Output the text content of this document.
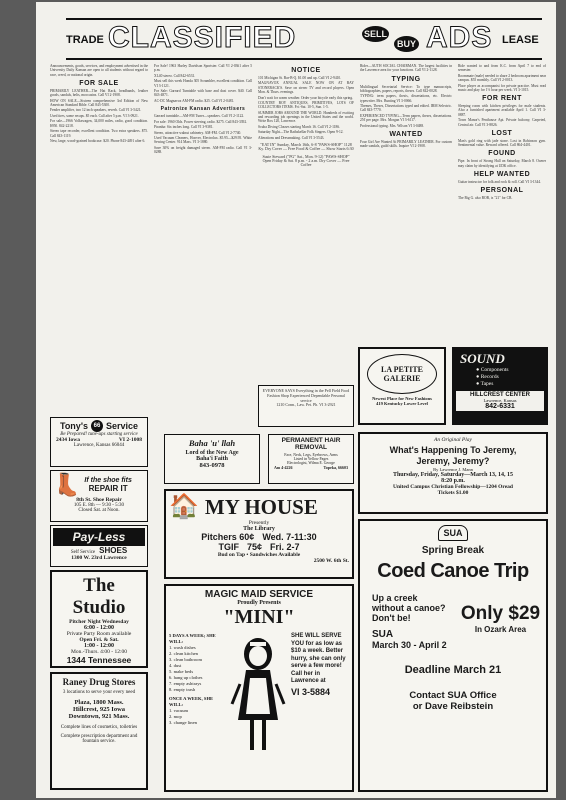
TRADE CLASSIFIED	SELL
BUY ADS LEASE
Announcements, goods, services, and employment advertised in the University Daily Kansan are open to all students without regard to race, creed, or national origin.
FOR SALE

PRIMARILY LEATHER—The Hat Rack, headbands, leather goods, sandals, belts, moccasins. Call VI 2-1908.

HOW ON SALE—Sixteen comprehensive 3rd Edition of New American Standard Bible. Call 843-5300.

Fender amplifier, two 12 inch speakers, reverb. Call VI 3-5421.

Used tires, some recaps. $5 each. Call after 5 p.m. VI 3-0921.

For sale—1966 Volkswagen, 34,000 miles, radio, good condition. $950. 842-2218.

Stereo tape recorder, excellent condition. Two extra speakers. $75. Call 843-1119.

New, large, wood-grained bookcase. $20. Phone 843-4491 after 6.

For Sale! 1963 Harley Davidson Sportster. Call VI 2-0361 after 5 p.m.

XL40 stereo. Call 842-6531.

Must sell this week Honda 305 Scrambler, excellent condition. Call VI 3-1121.

For Sale: Garrard Turntable with base and dust cover. $40. Call 843-4871.

AC-DC Magnavox AM-FM radio. $25. Call VI 2-0481.

Patronize Kansan Advertisers

Garrard turntable—AM-FM Tuner—speakers. Call VI 2-1122.

For sale: 1960 Olds. Power steering, radio. $275. Call 843-3392.

Piranha: Six inches long. Call VI 3-9381.

Stereo, attractive walnut cabinetry. AM-FM. Call VI 2-7740.

Used Vacuum Cleaners, Hoover, Electrolux. $5.95—$29.95. White Sewing Center. 914 Mass. VI 3-1880.

Save 30% on freight damaged stereo. AM-FM radio. Call VI 3-0288.

NOTICE

101 Michigan St. Bar-B-Q. $1.00 and up. Call VI 2-9410.

MAGNAVOX ANNUAL SALE NOW ON AT BAY STONEBACK'S. Save on stereo TV and record players. Open Mon. & Thurs. evenings.

Don't wait for warm weather. Order your bicycle early this spring.

COUNTRY BOY ANTIQUES, PRIMITIVES, LOTS OF COLLECTORS ITEMS. Fri.-Sat. 10-5, Sun. 1-5.

SUMMER JOBS AROUND THE WORLD. Hundreds of exciting and rewarding job openings in the United States and the world. Write Box 120, Lawrence.

Scuba Diving Classes starting March 16. Call VI 2-1186.

Saturday Night—The Rathskellar Folk Singers. Open 9-12.

Alterations and Dressmaking. Call VI 3-5543.

"EAT IN" Sunday, March 16th, 6-8 "PAWS-SHOP" 1128 Ky. Dry Cover — Free Food & Coffee — Show Starts 6:30
Susie Steward ("PG" Sat., Mon. 9-12) "PAWS-SHOP" Open Friday & Sat. 8 p.m. - 2 a.m. Dry Cover — Free Coffee
EVERYONE SAYS Everything in the Pell Field Food Fashion Shop Experienced Dependable Personal service
1210 Conn., Law. Pet. Ph. VI 3-2921

Rider—AUTH SOCIAL CHAIRMAN. The largest facilities in the Lawrence area for your functions. Call VI 2-1128.

TYPING

Multilingual Secretarial Service: To type manuscripts, bibliographies, papers, reports, theses. Call 842-0028.

TYPING: term papers, thesis, dissertations, etc. Electric typewriter. Mrs. Bunting VI 3-0066.

Themes, Theses, Dissertations typed and edited. IBM Selectric. Call 843-7770.

EXPERIENCED TYPING—Term papers, theses, dissertations. 25¢ per page. Mrs. Morgan VI 3-6117.

Professional typing. Mrs. Wilson VI 3-0488.

WANTED

Four Girl Are Wanted At PRIMARILY LEATHER. For custom made sandals, guild skills. Inquire VI 2-1908.

Ride wanted to and from K.C. from April 7 to end of semester.

Roommate (male) needed to share 2 bedroom apartment near campus. $55 monthly. Call VI 2-0013.

Place player as accompanist for private practice. Must read music and play for 1½ hour per week. VI 3-1015.

FOR RENT

Sleeping room with kitchen privileges for male students. Also a furnished apartment available April 1. Call VI 3-0887.

Town Manor's Penthouse Apt. Private balcony, Carpeted, Central air. Call VI 3-8826.

LOST

Man's gold ring with jade stone. Lost in Robinson gym. Sentimental value. Reward offered. Call 864-4401.

FOUND

Pipe. In front of Strong Hall on Saturday, March 8. Owner may claim by identifying at UDK office.

HELP WANTED

Guitar instructor for folk and rock & roll. Call VI 3-1344.

PERSONAL

The Big G. also BOB, is "21" for CB.

Tony's 66 Service
Be Prepared! tune-ups starting service
2434 Iowa	VI 2-1008
Lawrence, Kansas 66044
👢 If the shoe fits
REPAIR IT
8th St. Shoe Repair
105 E. 8th — 9:30 - 5:30
Closed Sat. at Noon.
Pay-Less
Self Service SHOES
1300 W. 23rd Lawrence
The Studio
Pitcher Night Wednesday
6:00 - 12:00
Private Party Room available
Open Fri. & Sat.
1:00 - 12:00
Mon.-Thurs. 4:00 - 12:00
1344 Tennessee
Raney Drug Stores
3 locations to serve your every need
Plaza, 1800 Mass.
Hillcrest, 925 Iowa
Downtown, 921 Mass.
Complete lines of cosmetics, toiletries
Complete prescription department and fountain service.
Baha 'u' llah
Lord of the New Age
Baha'i Faith
843-0978
PERMANENT HAIR REMOVAL
Face, Neck, Legs, Eyebrows, Arms
Listed in Yellow Pages
Electrologist, Wilma E. George
Am 4-4226	Topeka, 66603
🏠 MY HOUSE
Presently
The Library
Pitchers 60¢ Wed. 7-11:30
TGIF 75¢ Fri. 2-7
Bud on Tap • Sandwiches Available
2500 W. 6th St.
MAGIC MAID SERVICE
Proudly Presents
"MINI"
5 DAYS A WEEK; SHE WILL:
1. wash dishes
2. clean kitchen
3. clean bathroom
4. dust
5. make beds
6. hang up clothes
7. empty ashtrays
8. empty trash
ONCE A WEEK, SHE WILL:
1. vacuum
2. mop
3. change linen
SHE WILL SERVE YOU for as low as $10 a week. Better hurry, she can only serve a few more! Call her in Lawrence at
VI 3-5884
LA PETITE GALERIE
Newest Place for New Fashions
419 Kentucky Lower Level
SOUND
● Components
● Records
● Tapes
HILLCREST CENTER
Lawrence, Kansas
842-6331
An Original Play
What's Happening To Jeremy, Jeremy, Jeremy?
By Lawrence J. Mann
Thursday, Friday, Saturday—March 13, 14, 15
8:20 p.m.
United Campus Christian Fellowship—1204 Oread
Tickets $1.00
SUA
Spring Break
Coed Canoe Trip
Up a creek
without a canoe?
Don't be!
SUA
March 30 - April 2
Only $29
In Ozark Area
Deadline March 21
Contact SUA Office
or Dave Reibstein
